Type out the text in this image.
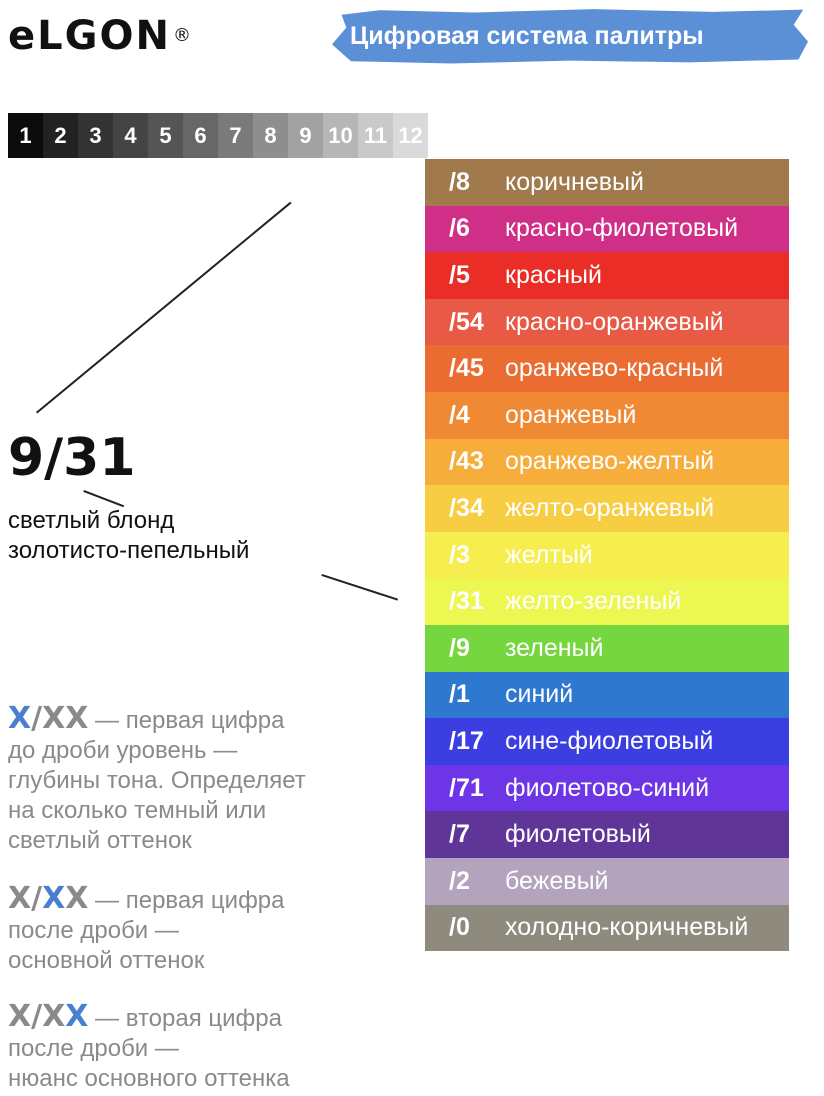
eLGON ®	Цифровая система палитры
1	2	3	4	5	6	7	8	9 10 11 12
9/31
светлый блонд
золотисто-пепельный
/8	коричневый
/6	красно-фиолетовый
/5	красный
/54 красно-оранжевый
/45 оранжево-красный
/4	оранжевый
/43 оранжево-желтый
/34 желто-оранжевый
/3	желтый
/31 желто-зеленый
/9	зеленый
/1	синий
/17 сине-фиолетовый
/71 фиолетово-синий
/7	фиолетовый
/2	бежевый
/0	холодно-коричневый
X/XX — первая цифра
до дроби уровень —
глубины тона. Определяет
на сколько темный или
светлый оттенок
X/XX — первая цифра
после дроби —
основной оттенок
X/XX — вторая цифра
после дроби —
нюанс основного оттенка
